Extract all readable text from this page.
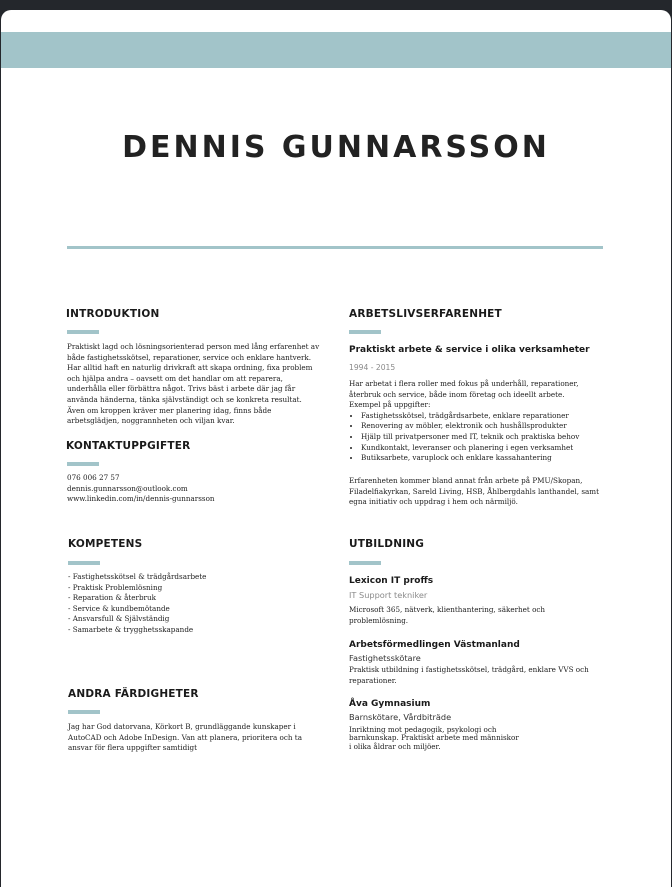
DENNIS GUNNARSSON
INTRODUKTION

Praktiskt lagd och lösningsorienterad person med lång erfarenhet av

både fastighetsskötsel, reparationer, service och enklare hantverk.

Har alltid haft en naturlig drivkraft att skapa ordning, fixa problem

och hjälpa andra – oavsett om det handlar om att reparera,

underhålla eller förbättra något. Trivs bäst i arbete där jag får

använda händerna, tänka självständigt och se konkreta resultat.

Även om kroppen kräver mer planering idag, finns både

arbetsglädjen, noggrannheten och viljan kvar.

KONTAKTUPPGIFTER

076 006 27 57

dennis.gunnarsson@outlook.com

www.linkedin.com/in/dennis-gunnarsson

KOMPETENS
- Fastighetsskötsel & trädgårdsarbete
- Praktisk Problemlösning
- Reparation & återbruk
- Service & kundbemötande
- Ansvarsfull & Självständig
- Samarbete & trygghetsskapande
ANDRA FÄRDIGHETER

Jag har God datorvana, Körkort B, grundläggande kunskaper i

AutoCAD och Adobe InDesign. Van att planera, prioritera och ta

ansvar för flera uppgifter samtidigt

ARBETSLIVSERFARENHET
Praktiskt arbete & service i olika verksamheter
1994 - 2015

Har arbetat i flera roller med fokus på underhåll, reparationer,

återbruk och service, både inom företag och ideellt arbete.

Exempel på uppgifter:

• Fastighetsskötsel, trädgårdsarbete, enklare reparationer
• Renovering av möbler, elektronik och hushållsprodukter
• Hjälp till privatpersoner med IT, teknik och praktiska behov
• Kundkontakt, leveranser och planering i egen verksamhet
• Butiksarbete, varuplock och enklare kassahantering

Erfarenheten kommer bland annat från arbete på PMU/Skopan,

Filadelfiakyrkan, Sareld Living, HSB, Åhlbergdahls lanthandel, samt

egna initiativ och uppdrag i hem och närmiljö.

UTBILDNING
Lexicon IT proffs
IT Support tekniker

Microsoft 365, nätverk, klienthantering, säkerhet och

problemlösning.

Arbetsförmedlingen Västmanland
Fastighetsskötare

Praktisk utbildning i fastighetsskötsel, trädgård, enklare VVS och

reparationer.

Åva Gymnasium
Barnskötare, Vårdbiträde

Inriktning mot pedagogik, psykologi och

barnkunskap. Praktiskt arbete med människor

i olika åldrar och miljöer.
